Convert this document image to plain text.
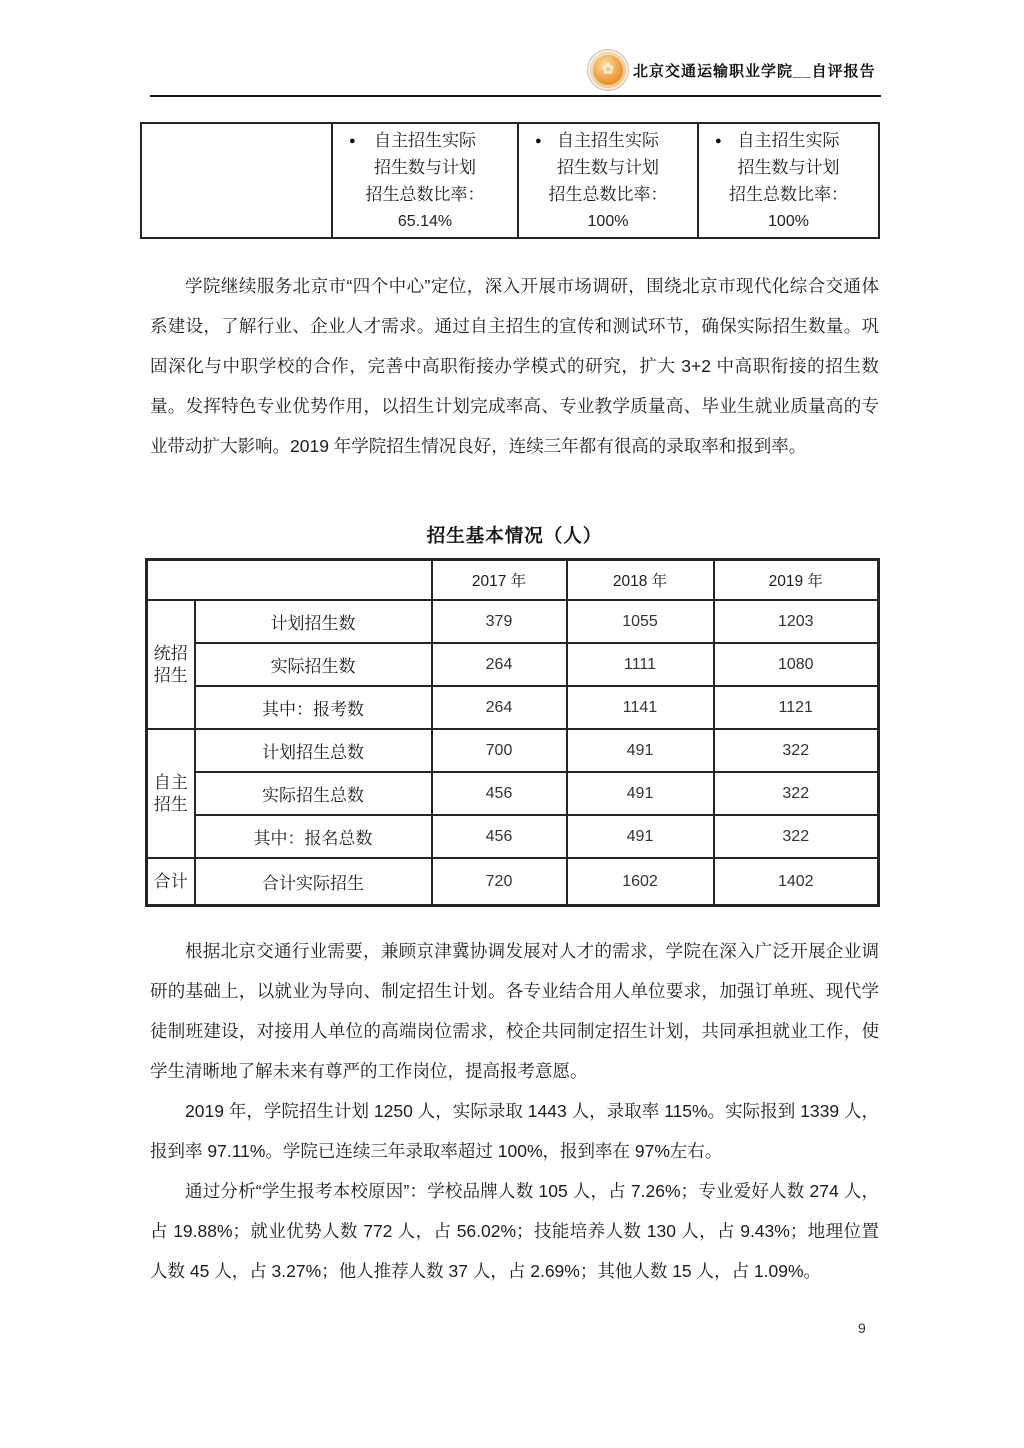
✿ 北京交通运输职业学院__自评报告

●	自主招生实际
招生数与计划
招生总数比率：
65.14%

● 自主招生实际
招生数与计划
招生总数比率：
100%

● 自主招生实际
招生数与计划
招生总数比率：
100%

学院继续服务北京市“四个中心”定位，深入开展市场调研，围绕北京市现代化综合交通体系建设，了解行业、企业人才需求。通过自主招生的宣传和测试环节，确保实际招生数量。巩固深化与中职学校的合作，完善中高职衔接办学模式的研究，扩大 3+2 中高职衔接的招生数量。发挥特色专业优势作用，以招生计划完成率高、专业教学质量高、毕业生就业质量高的专业带动扩大影响。2019 年学院招生情况良好，连续三年都有很高的录取率和报到率。

招生基本情况（人）
		2017 年	2018 年	2019 年
统招招生	计划招生数	379	1055	1203
	实际招生数	264	1111	1080
	其中：报考数	264	1141	1121
自主招生	计划招生总数	700	491	322
	实际招生总数	456	491	322
	其中：报名总数	456	491	322
合计	合计实际招生	720	1602	1402

根据北京交通行业需要，兼顾京津冀协调发展对人才的需求，学院在深入广泛开展企业调研的基础上，以就业为导向、制定招生计划。各专业结合用人单位要求，加强订单班、现代学徒制班建设，对接用人单位的高端岗位需求，校企共同制定招生计划，共同承担就业工作，使学生清晰地了解未来有尊严的工作岗位，提高报考意愿。

2019 年，学院招生计划 1250 人，实际录取 1443 人，录取率 115%。实际报到 1339 人，报到率 97.11%。学院已连续三年录取率超过 100%，报到率在 97%左右。

通过分析“学生报考本校原因”：学校品牌人数 105 人，占 7.26%；专业爱好人数 274 人，占 19.88%；就业优势人数 772 人，占 56.02%；技能培养人数 130 人，占 9.43%；地理位置人数 45 人，占 3.27%；他人推荐人数 37 人，占 2.69%；其他人数 15 人，占 1.09%。

9
